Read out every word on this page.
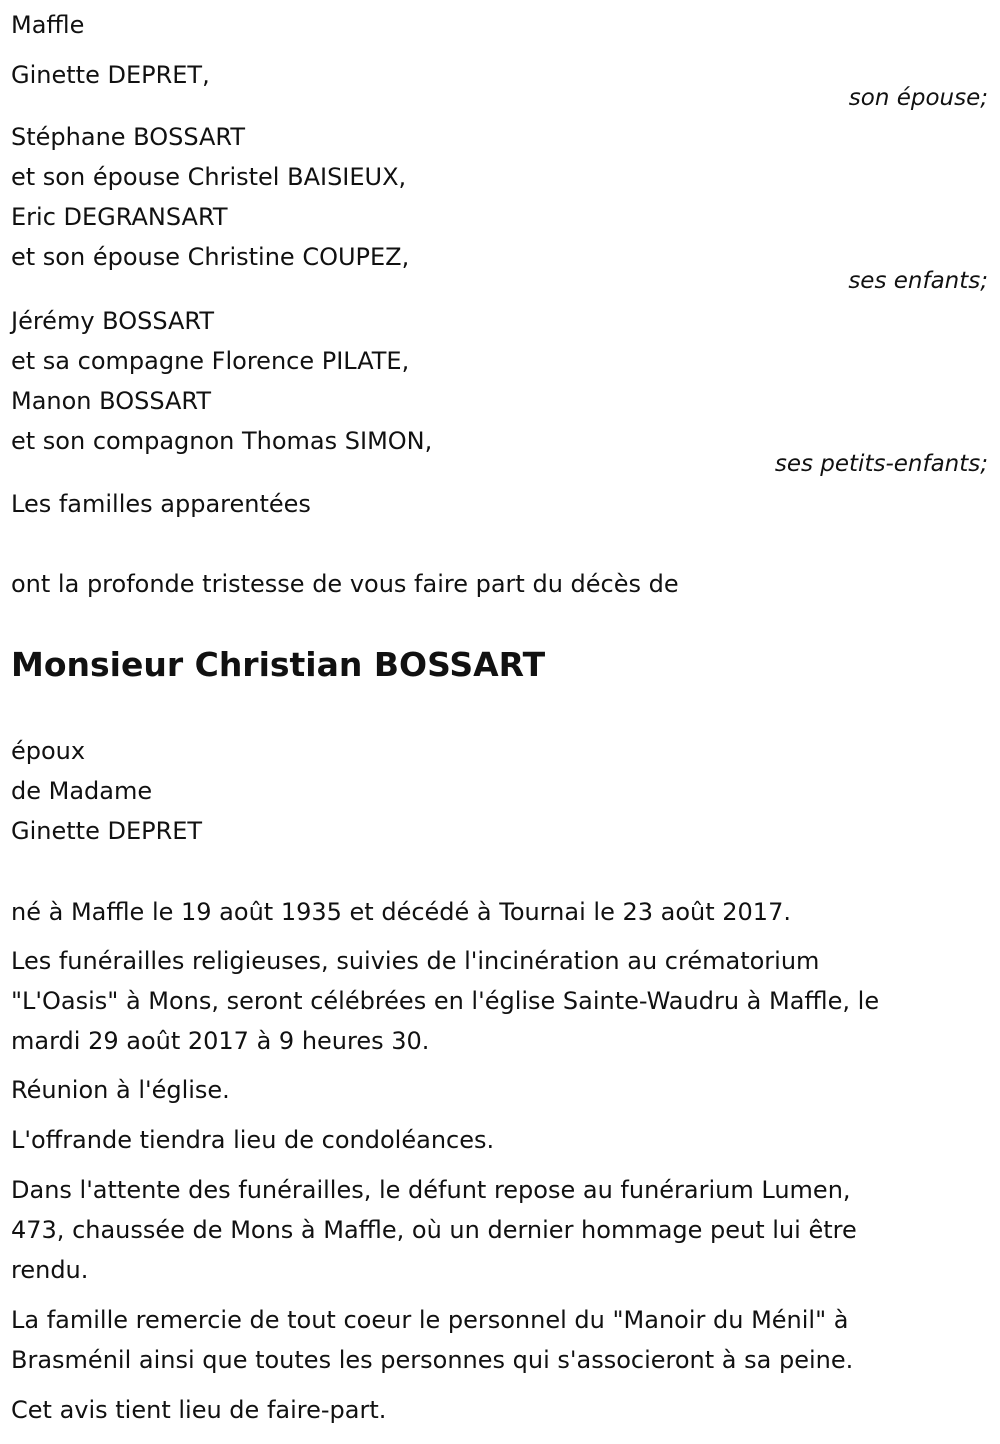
Maffle
Ginette DEPRET,
son épouse;
Stéphane BOSSART
et son épouse Christel BAISIEUX,
Eric DEGRANSART
et son épouse Christine COUPEZ,
ses enfants;
Jérémy BOSSART
et sa compagne Florence PILATE,
Manon BOSSART
et son compagnon Thomas SIMON,
ses petits-enfants;
Les familles apparentées
ont la profonde tristesse de vous faire part du décès de
Monsieur Christian BOSSART
époux
de Madame
Ginette DEPRET
né à Maffle le 19 août 1935 et décédé à Tournai le 23 août 2017.
Les funérailles religieuses, suivies de l'incinération au crématorium
"L'Oasis" à Mons, seront célébrées en l'église Sainte-Waudru à Maffle, le
mardi 29 août 2017 à 9 heures 30.
Réunion à l'église.
L'offrande tiendra lieu de condoléances.
Dans l'attente des funérailles, le défunt repose au funérarium Lumen,
473, chaussée de Mons à Maffle, où un dernier hommage peut lui être
rendu.
La famille remercie de tout coeur le personnel du "Manoir du Ménil" à
Brasménil ainsi que toutes les personnes qui s'associeront à sa peine.
Cet avis tient lieu de faire-part.
